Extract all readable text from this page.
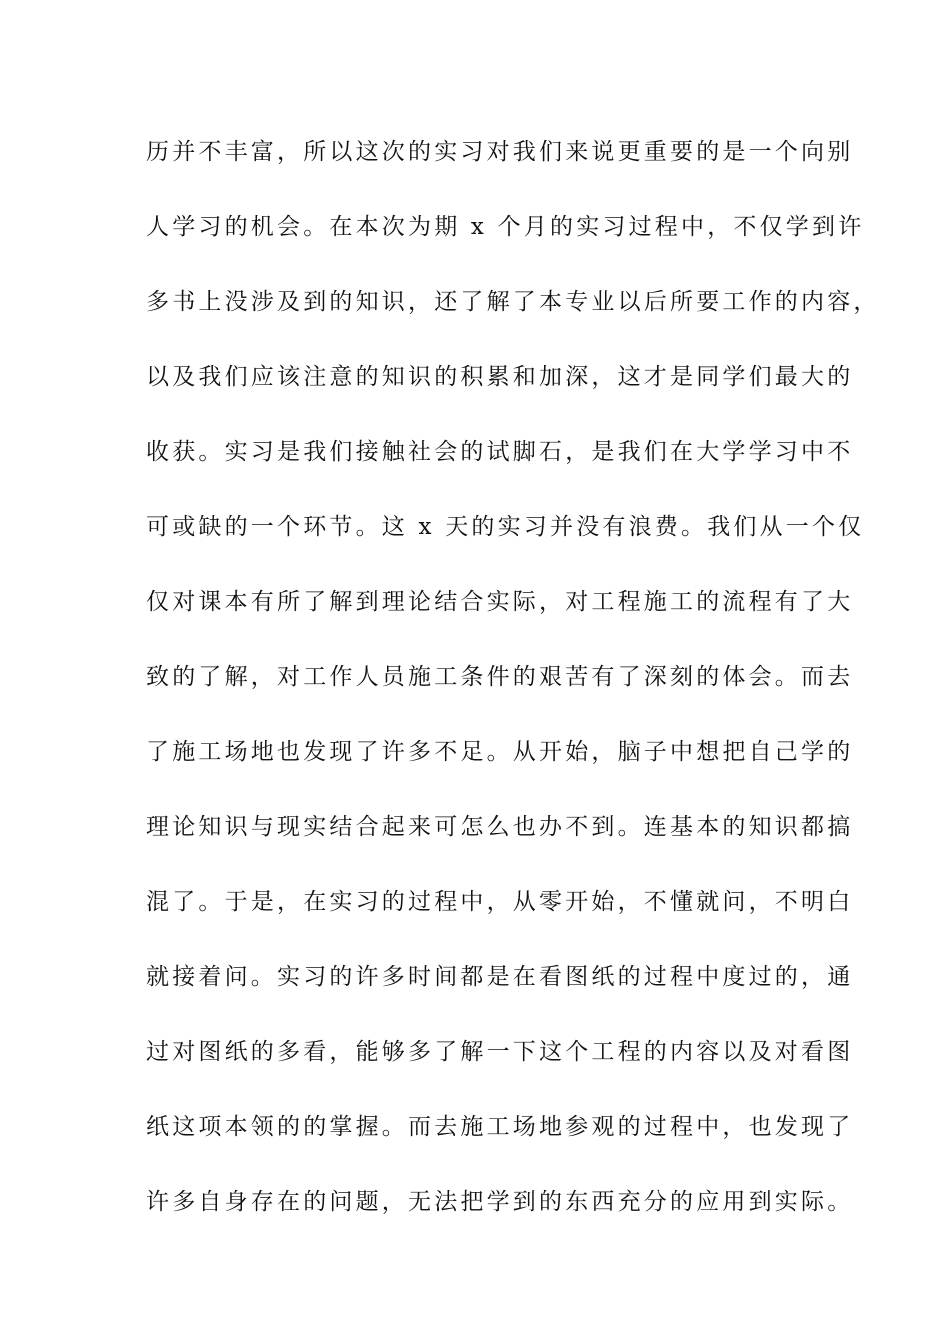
历并不丰富，所以这次的实习对我们来说更重要的是一个向别
人学习的机会。在本次为期 x 个月的实习过程中，不仅学到许
多书上没涉及到的知识，还了解了本专业以后所要工作的内容，
以及我们应该注意的知识的积累和加深，这才是同学们最大的
收获。实习是我们接触社会的试脚石，是我们在大学学习中不
可或缺的一个环节。这 x 天的实习并没有浪费。我们从一个仅
仅对课本有所了解到理论结合实际，对工程施工的流程有了大
致的了解，对工作人员施工条件的艰苦有了深刻的体会。而去
了施工场地也发现了许多不足。从开始，脑子中想把自己学的
理论知识与现实结合起来可怎么也办不到。连基本的知识都搞
混了。于是，在实习的过程中，从零开始，不懂就问，不明白
就接着问。实习的许多时间都是在看图纸的过程中度过的，通
过对图纸的多看，能够多了解一下这个工程的内容以及对看图
纸这项本领的的掌握。而去施工场地参观的过程中，也发现了
许多自身存在的问题，无法把学到的东西充分的应用到实际。
